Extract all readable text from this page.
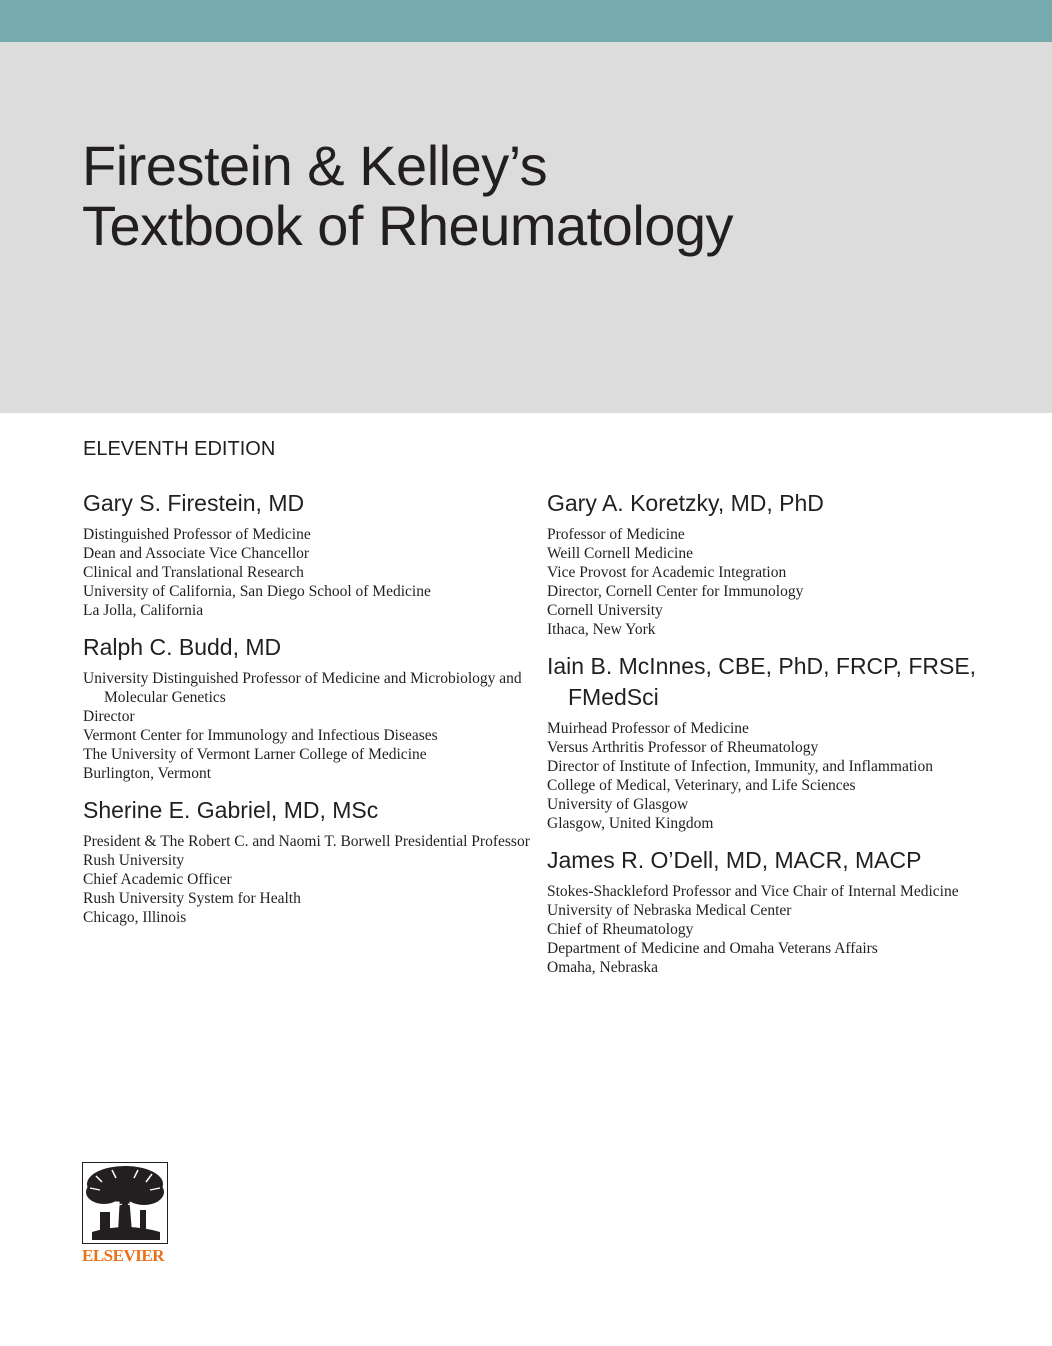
Firestein & Kelley’s
Textbook of Rheumatology
ELEVENTH EDITION
Gary S. Firestein, MD
Distinguished Professor of Medicine
Dean and Associate Vice Chancellor
Clinical and Translational Research
University of California, San Diego School of Medicine
La Jolla, California
Ralph C. Budd, MD
University Distinguished Professor of Medicine and Microbiology and Molecular Genetics
Director
Vermont Center for Immunology and Infectious Diseases
The University of Vermont Larner College of Medicine
Burlington, Vermont
Sherine E. Gabriel, MD, MSc
President & The Robert C. and Naomi T. Borwell Presidential Professor
Rush University
Chief Academic Officer
Rush University System for Health
Chicago, Illinois
Gary A. Koretzky, MD, PhD
Professor of Medicine
Weill Cornell Medicine
Vice Provost for Academic Integration
Director, Cornell Center for Immunology
Cornell University
Ithaca, New York
Iain B. McInnes, CBE, PhD, FRCP, FRSE, FMedSci
Muirhead Professor of Medicine
Versus Arthritis Professor of Rheumatology
Director of Institute of Infection, Immunity, and Inflammation
College of Medical, Veterinary, and Life Sciences
University of Glasgow
Glasgow, United Kingdom
James R. O’Dell, MD, MACR, MACP
Stokes-Shackleford Professor and Vice Chair of Internal Medicine
University of Nebraska Medical Center
Chief of Rheumatology
Department of Medicine and Omaha Veterans Affairs
Omaha, Nebraska
ELSEVIER
